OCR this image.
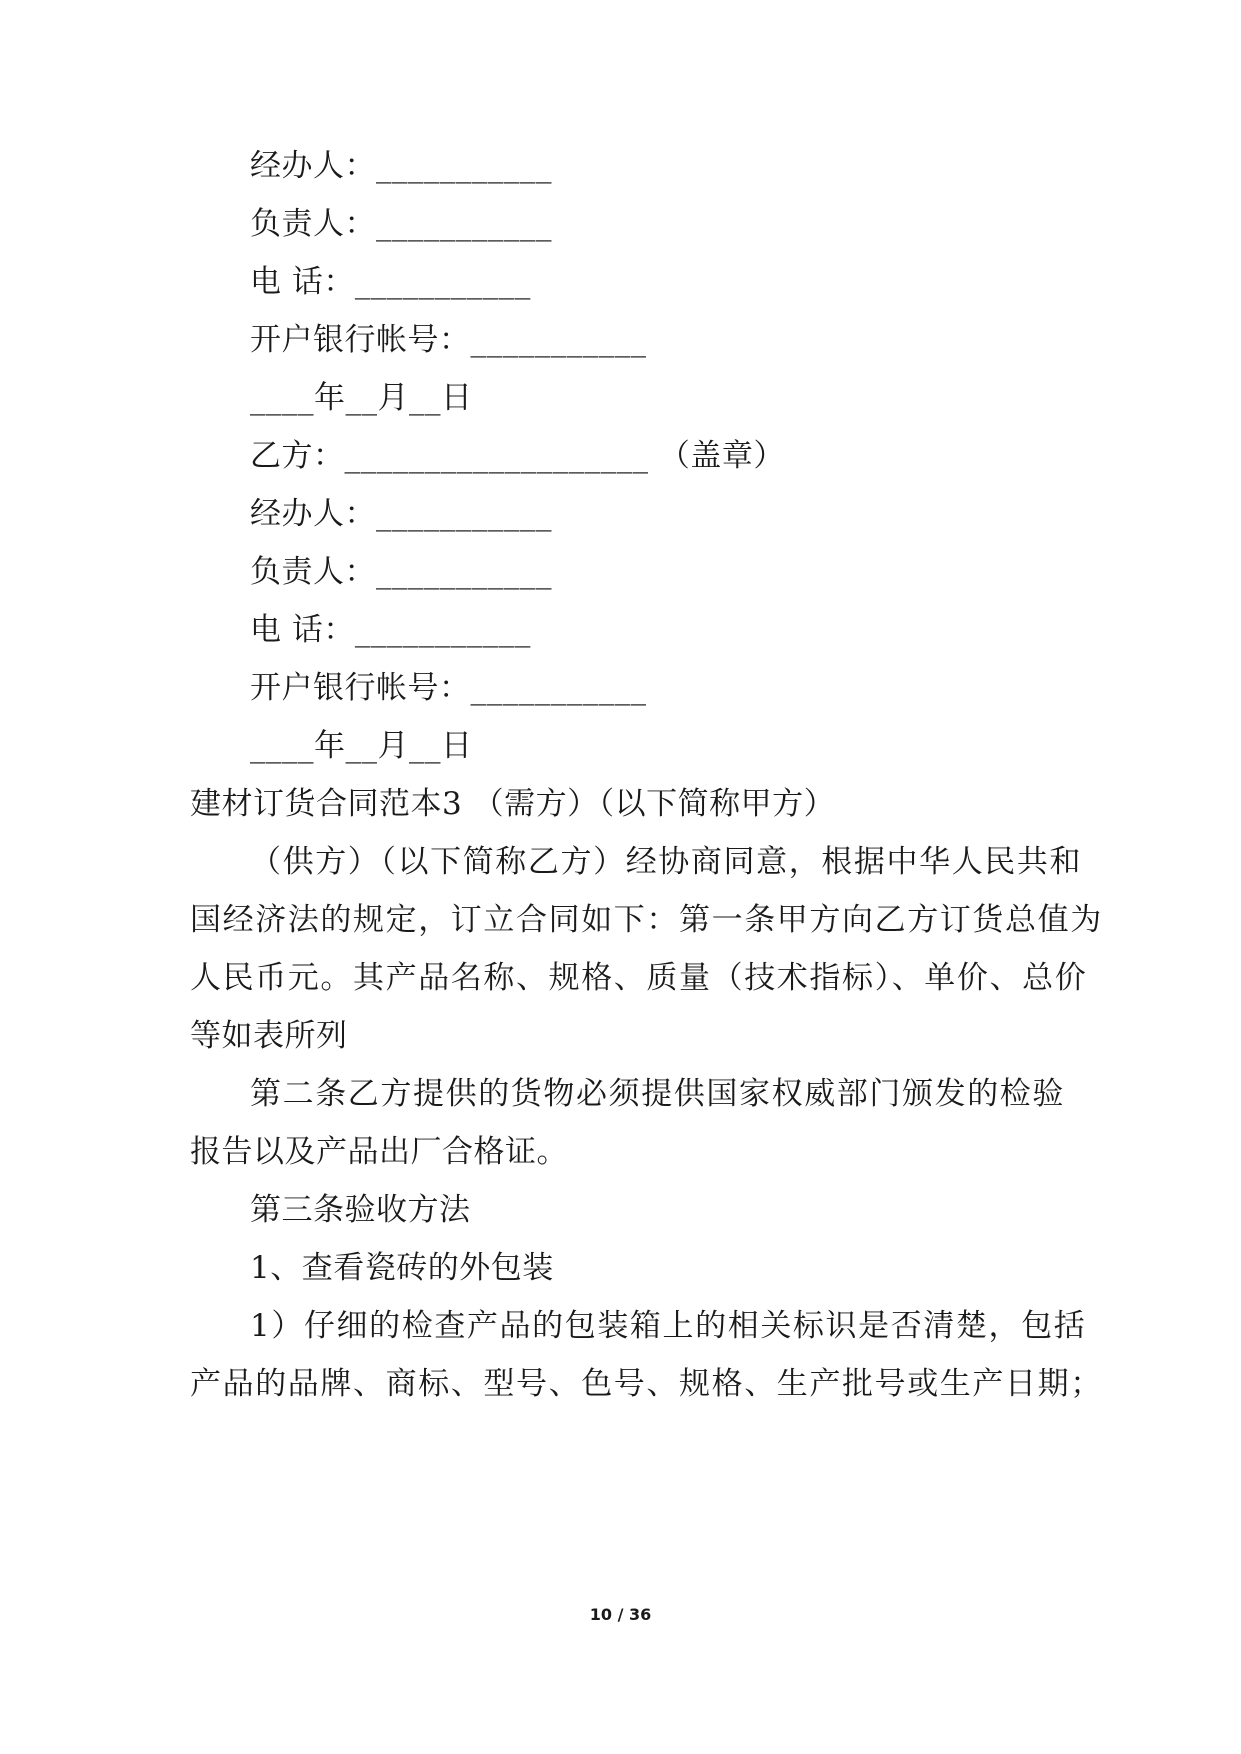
经办人：___________
负责人：___________
电 话：___________
开户银行帐号：___________
____年__月__日
乙方：___________________ （盖章）
经办人：___________
负责人：___________
电 话：___________
开户银行帐号：___________
____年__月__日
建材订货合同范本3 （需方）（以下简称甲方）
（供方）（以下简称乙方）经协商同意，根据中华人民共和
国经济法的规定，订立合同如下：第一条甲方向乙方订货总值为
人民币元。其产品名称、规格、质量（技术指标）、单价、总价
等如表所列
第二条乙方提供的货物必须提供国家权威部门颁发的检验
报告以及产品出厂合格证。
第三条验收方法
1、查看瓷砖的外包装
1）仔细的检查产品的包装箱上的相关标识是否清楚，包括
产品的品牌、商标、型号、色号、规格、生产批号或生产日期；
10 / 36
